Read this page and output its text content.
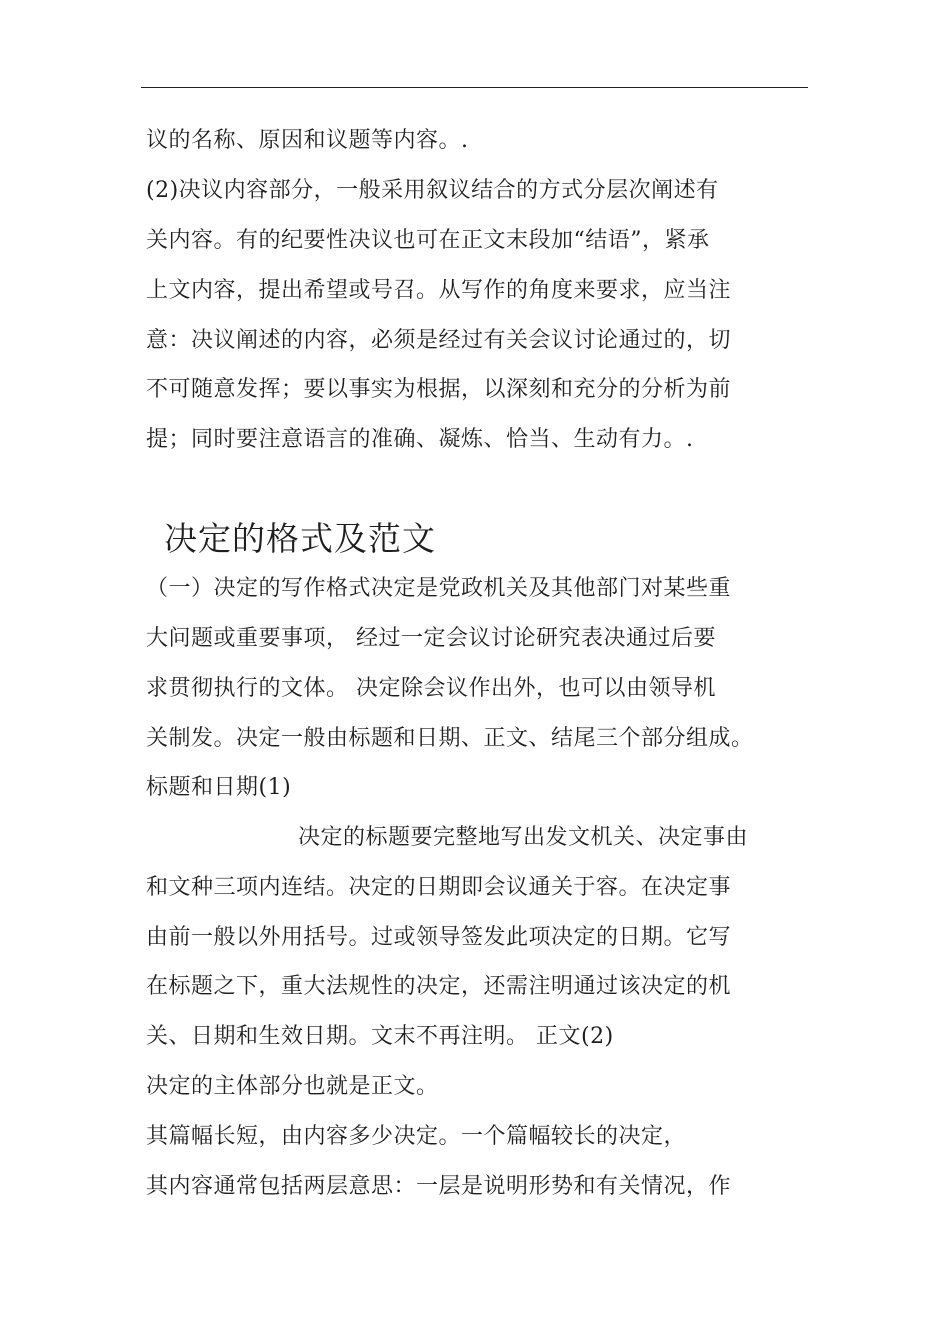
议的名称、原因和议题等内容。.
(2)决议内容部分，一般采用叙议结合的方式分层次阐述有
关内容。有的纪要性决议也可在正文末段加“结语”，紧承
上文内容，提出希望或号召。从写作的角度来要求，应当注
意：决议阐述的内容，必须是经过有关会议讨论通过的，切
不可随意发挥；要以事实为根据，以深刻和充分的分析为前
提；同时要注意语言的准确、凝炼、恰当、生动有力。.
决定的格式及范文
（一）决定的写作格式决定是党政机关及其他部门对某些重
大问题或重要事项， 经过一定会议讨论研究表决通过后要
求贯彻执行的文体。 决定除会议作出外，也可以由领导机
关制发。决定一般由标题和日期、正文、结尾三个部分组成。
标题和日期(1)
决定的标题要完整地写出发文机关、决定事由
和文种三项内连结。决定的日期即会议通关于容。在决定事
由前一般以外用括号。过或领导签发此项决定的日期。它写
在标题之下，重大法规性的决定，还需注明通过该决定的机
关、日期和生效日期。文末不再注明。 正文(2)
决定的主体部分也就是正文。
其篇幅长短，由内容多少决定。一个篇幅较长的决定，
其内容通常包括两层意思：一层是说明形势和有关情况，作
